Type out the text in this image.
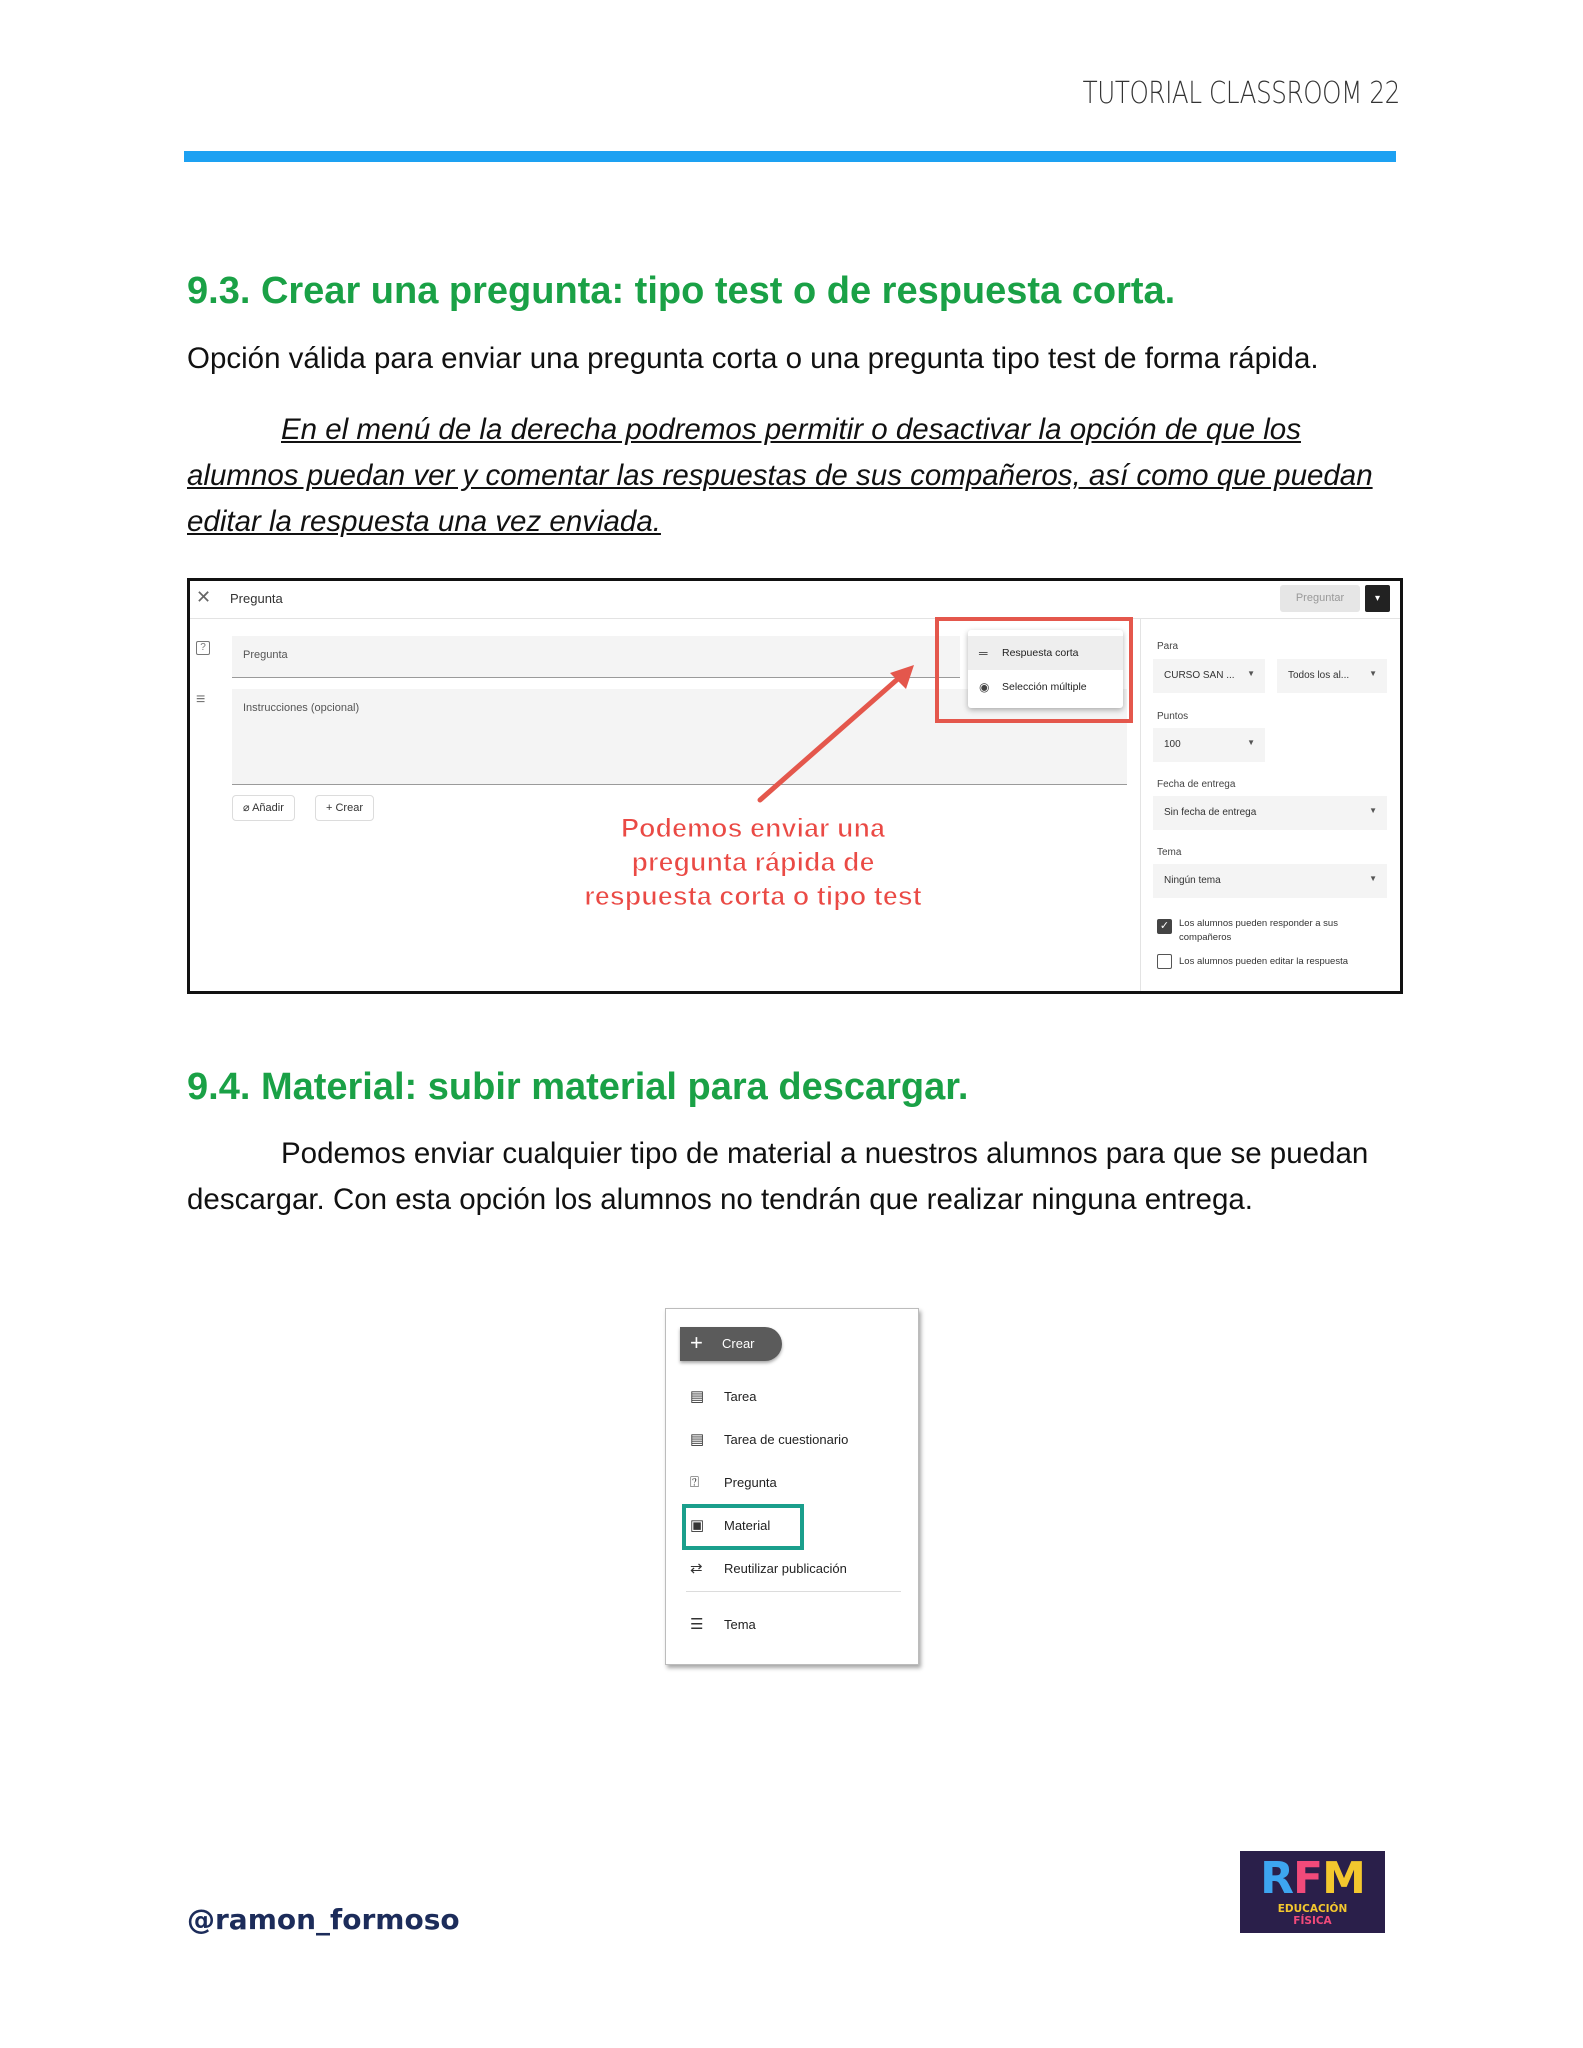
TUTORIAL CLASSROOM 22
9.3. Crear una pregunta: tipo test o de respuesta corta.
Opción válida para enviar una pregunta corta o una pregunta tipo test de forma rápida.
En el menú de la derecha podremos permitir o desactivar la opción de que los alumnos puedan ver y comentar las respuestas de sus compañeros, así como que puedan editar la respuesta una vez enviada.
✕ Pregunta	Preguntar	▾
?
≡
Pregunta
Instrucciones (opcional)
⌀ Añadir	+ Crear
═ Respuesta corta
◉ Selección múltiple
Podemos enviar una pregunta rápida de respuesta corta o tipo test
Para
CURSO SAN ... ▼	Todos los al... ▼
Puntos
100	▼
Fecha de entrega
Sin fecha de entrega	▼
Tema
Ningún tema	▼
✓	Los alumnos pueden responder a sus compañeros
Los alumnos pueden editar la respuesta
9.4. Material: subir material para descargar.
Podemos enviar cualquier tipo de material a nuestros alumnos para que se puedan descargar. Con esta opción los alumnos no tendrán que realizar ninguna entrega.
+ Crear
▤ Tarea
▤ Tarea de cuestionario
⍰ Pregunta
▣ Material
⇄ Reutilizar publicación
☰ Tema
@ramon_formoso
RFM
EDUCACIÓN
FÍSICA
